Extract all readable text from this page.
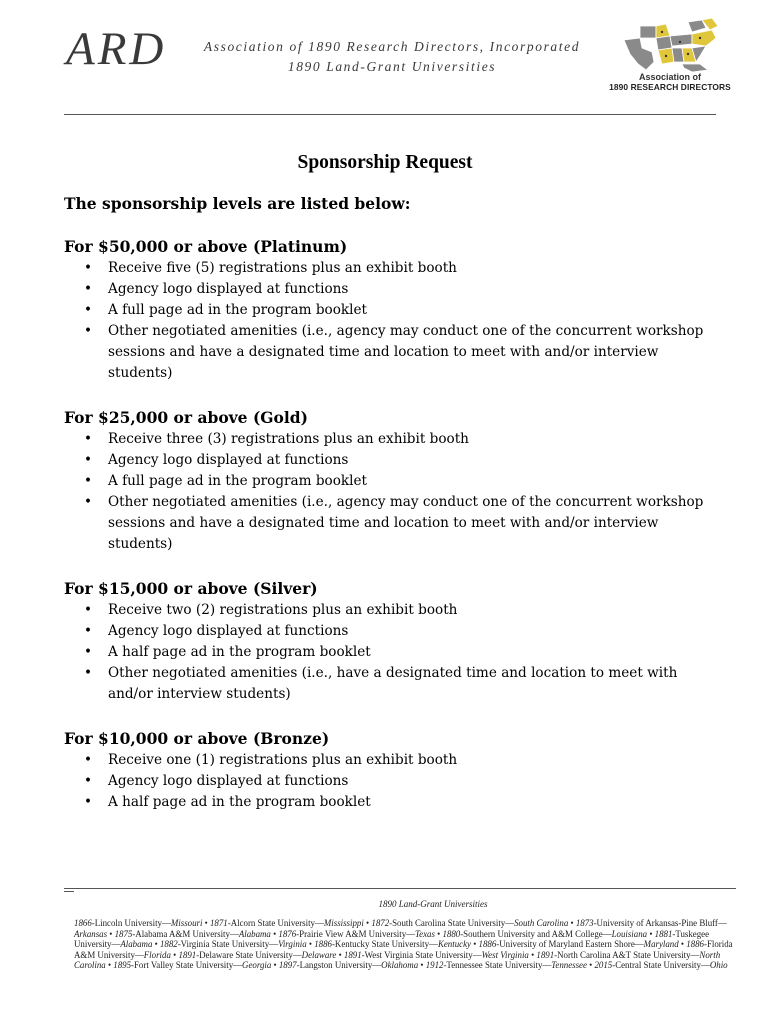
ARD	Association of 1890 Research Directors, Incorporated
1890 Land-Grant Universities
Association of
1890 RESEARCH DIRECTORS
Sponsorship Request
The sponsorship levels are listed below:
For $50,000 or above (Platinum)
• Receive five (5) registrations plus an exhibit booth
• Agency logo displayed at functions
• A full page ad in the program booklet
• Other negotiated amenities (i.e., agency may conduct one of the concurrent workshop sessions and have a designated time and location to meet with and/or interview students)
For $25,000 or above (Gold)
• Receive three (3) registrations plus an exhibit booth
• Agency logo displayed at functions
• A full page ad in the program booklet
• Other negotiated amenities (i.e., agency may conduct one of the concurrent workshop sessions and have a designated time and location to meet with and/or interview students)
For $15,000 or above (Silver)
• Receive two (2) registrations plus an exhibit booth
• Agency logo displayed at functions
• A half page ad in the program booklet
• Other negotiated amenities (i.e., have a designated time and location to meet with and/or interview students)
For $10,000 or above (Bronze)
• Receive one (1) registrations plus an exhibit booth
• Agency logo displayed at functions
• A half page ad in the program booklet
1890 Land-Grant Universities
1866-Lincoln University—Missouri • 1871-Alcorn State University—Mississippi • 1872-South Carolina State University—South Carolina • 1873-University of Arkansas-Pine Bluff—Arkansas • 1875-Alabama A&M University—Alabama • 1876-Prairie View A&M University—Texas • 1880-Southern University and A&M College—Louisiana • 1881-Tuskegee University—Alabama • 1882-Virginia State University—Virginia • 1886-Kentucky State University—Kentucky • 1886-University of Maryland Eastern Shore—Maryland • 1886-Florida A&M University—Florida • 1891-Delaware State University—Delaware • 1891-West Virginia State University—West Virginia • 1891-North Carolina A&T State University—North Carolina • 1895-Fort Valley State University—Georgia • 1897-Langston University—Oklahoma • 1912-Tennessee State University—Tennessee • 2015-Central State University—Ohio
